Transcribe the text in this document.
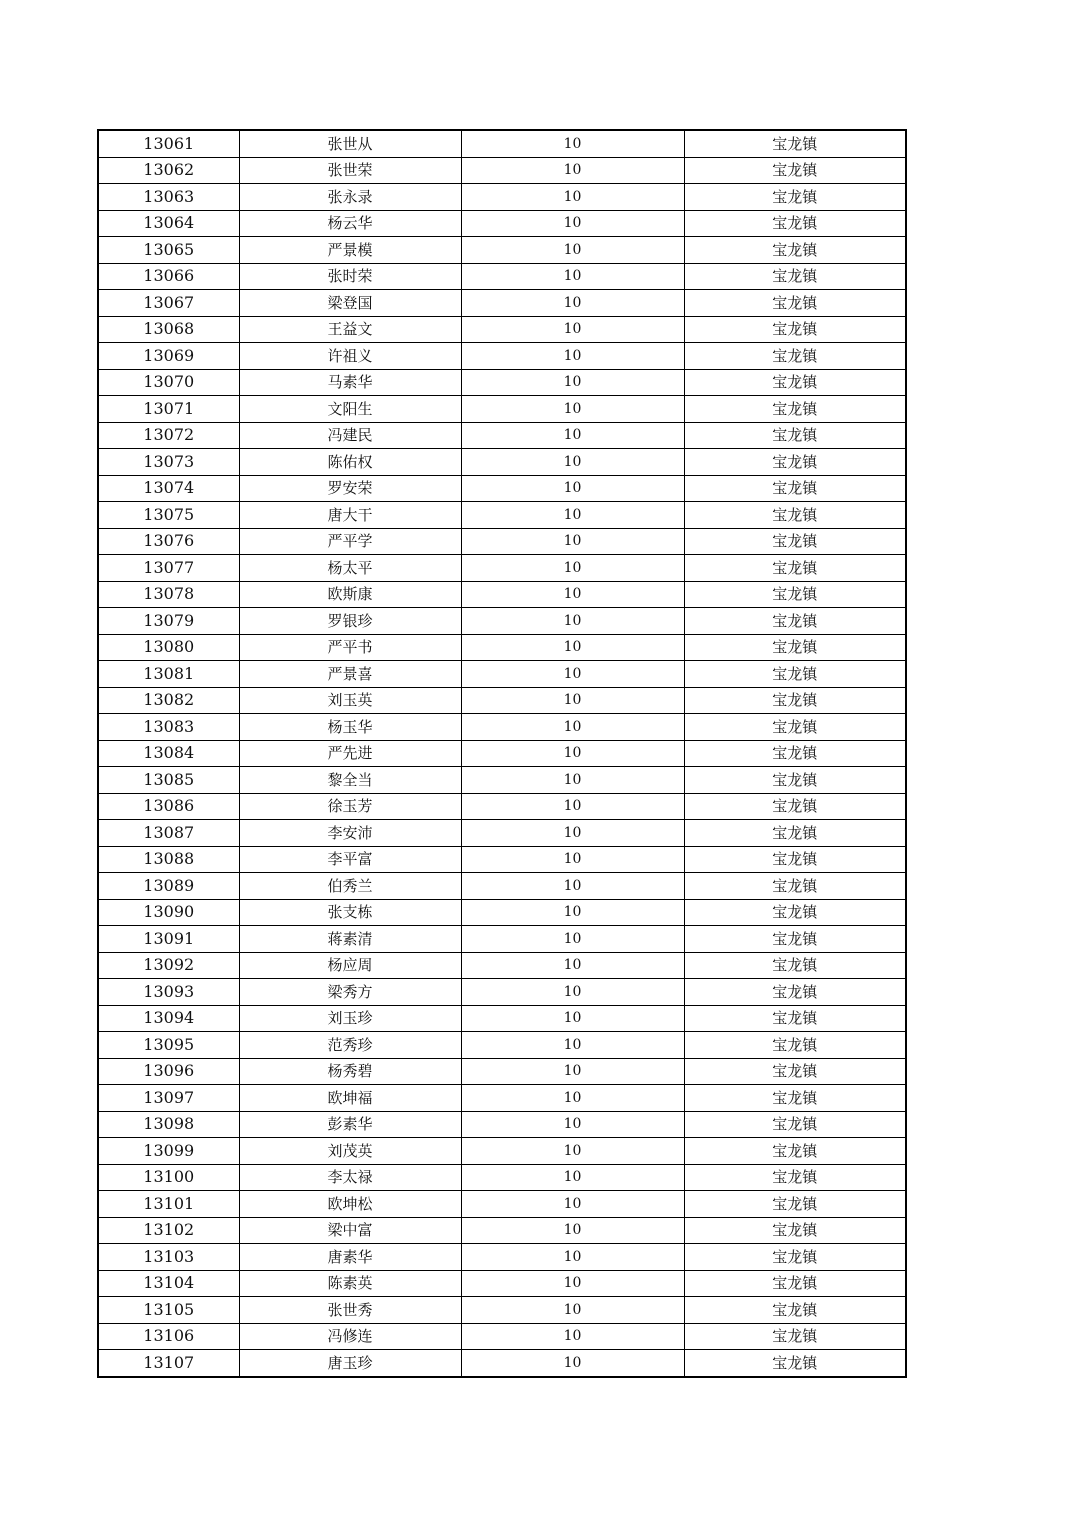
13061	张世从	10	宝龙镇
13062	张世荣	10	宝龙镇
13063	张永录	10	宝龙镇
13064	杨云华	10	宝龙镇
13065	严景模	10	宝龙镇
13066	张时荣	10	宝龙镇
13067	梁登国	10	宝龙镇
13068	王益文	10	宝龙镇
13069	许祖义	10	宝龙镇
13070	马素华	10	宝龙镇
13071	文阳生	10	宝龙镇
13072	冯建民	10	宝龙镇
13073	陈佑权	10	宝龙镇
13074	罗安荣	10	宝龙镇
13075	唐大干	10	宝龙镇
13076	严平学	10	宝龙镇
13077	杨太平	10	宝龙镇
13078	欧斯康	10	宝龙镇
13079	罗银珍	10	宝龙镇
13080	严平书	10	宝龙镇
13081	严景喜	10	宝龙镇
13082	刘玉英	10	宝龙镇
13083	杨玉华	10	宝龙镇
13084	严先进	10	宝龙镇
13085	黎全当	10	宝龙镇
13086	徐玉芳	10	宝龙镇
13087	李安沛	10	宝龙镇
13088	李平富	10	宝龙镇
13089	伯秀兰	10	宝龙镇
13090	张支栋	10	宝龙镇
13091	蒋素清	10	宝龙镇
13092	杨应周	10	宝龙镇
13093	梁秀方	10	宝龙镇
13094	刘玉珍	10	宝龙镇
13095	范秀珍	10	宝龙镇
13096	杨秀碧	10	宝龙镇
13097	欧坤福	10	宝龙镇
13098	彭素华	10	宝龙镇
13099	刘茂英	10	宝龙镇
13100	李太禄	10	宝龙镇
13101	欧坤松	10	宝龙镇
13102	梁中富	10	宝龙镇
13103	唐素华	10	宝龙镇
13104	陈素英	10	宝龙镇
13105	张世秀	10	宝龙镇
13106	冯修连	10	宝龙镇
13107	唐玉珍	10	宝龙镇
